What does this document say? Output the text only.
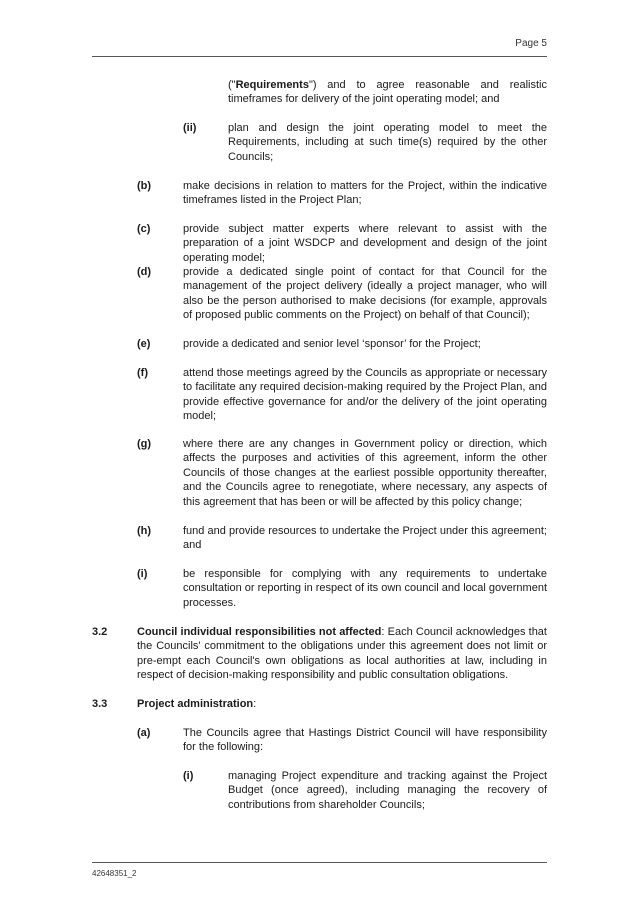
Page 5
("Requirements") and to agree reasonable and realistic timeframes for delivery of the joint operating model; and
(ii)	plan and design the joint operating model to meet the Requirements, including at such time(s) required by the other Councils;
(b)	make decisions in relation to matters for the Project, within the indicative timeframes listed in the Project Plan;
(c)	provide subject matter experts where relevant to assist with the preparation of a joint WSDCP and development and design of the joint operating model;
(d)	provide a dedicated single point of contact for that Council for the management of the project delivery (ideally a project manager, who will also be the person authorised to make decisions (for example, approvals of proposed public comments on the Project) on behalf of that Council);
(e)	provide a dedicated and senior level ‘sponsor’ for the Project;
(f)	attend those meetings agreed by the Councils as appropriate or necessary to facilitate any required decision-making required by the Project Plan, and provide effective governance for and/or the delivery of the joint operating model;
(g)	where there are any changes in Government policy or direction, which affects the purposes and activities of this agreement, inform the other Councils of those changes at the earliest possible opportunity thereafter, and the Councils agree to renegotiate, where necessary, any aspects of this agreement that has been or will be affected by this policy change;
(h)	fund and provide resources to undertake the Project under this agreement; and
(i)	be responsible for complying with any requirements to undertake consultation or reporting in respect of its own council and local government processes.
3.2	Council individual responsibilities not affected: Each Council acknowledges that the Councils' commitment to the obligations under this agreement does not limit or pre-empt each Council's own obligations as local authorities at law, including in respect of decision-making responsibility and public consultation obligations.
3.3	Project administration:
(a)	The Councils agree that Hastings District Council will have responsibility for the following:
(i)	managing Project expenditure and tracking against the Project Budget (once agreed), including managing the recovery of contributions from shareholder Councils;
42648351_2
